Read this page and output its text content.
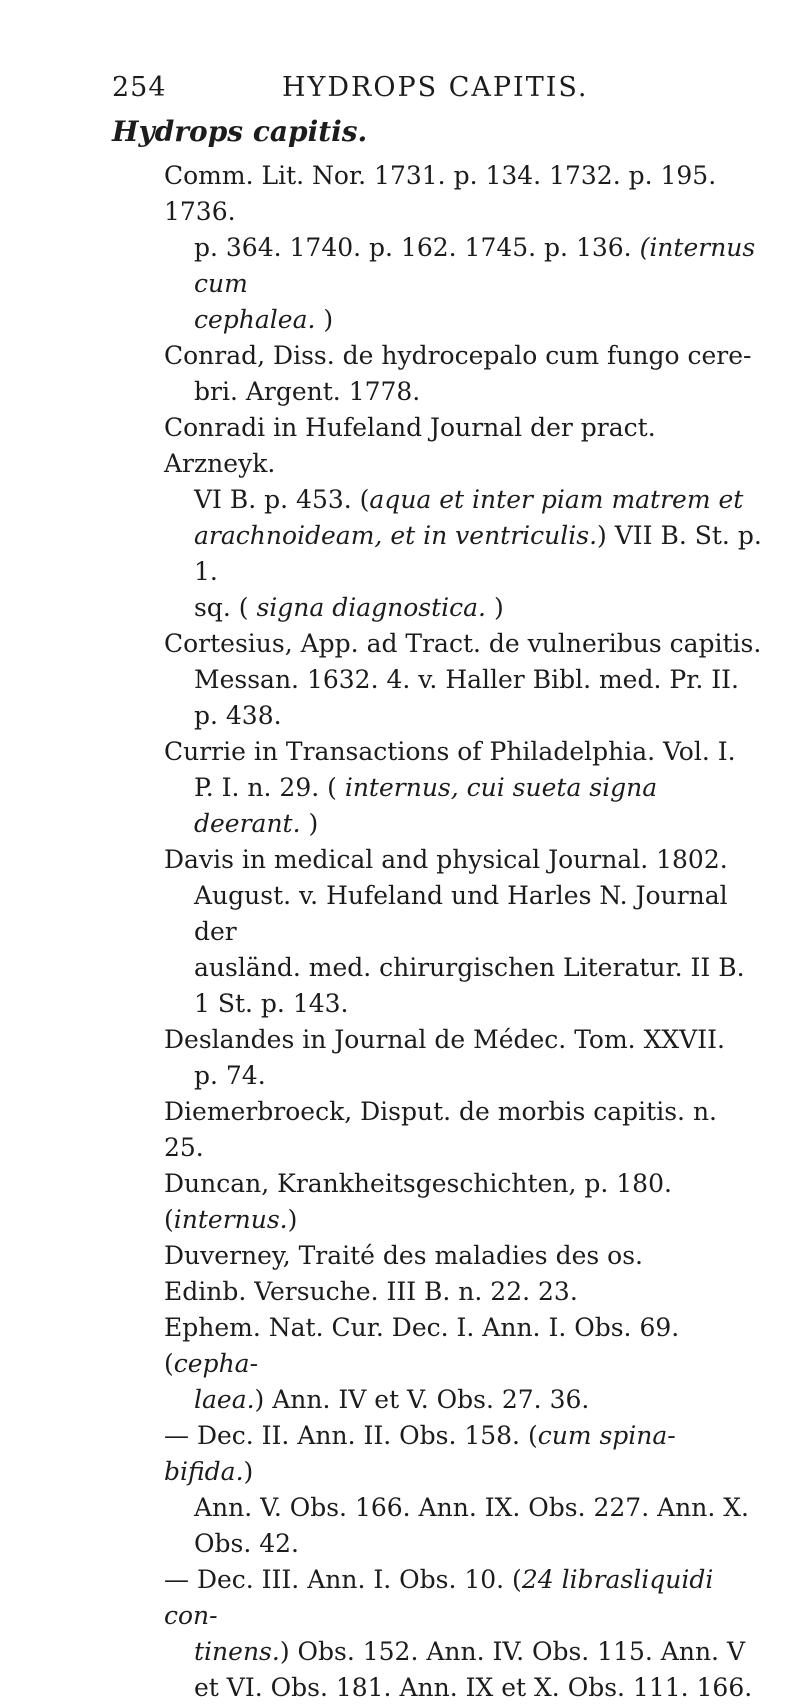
254	HYDROPS CAPITIS.
Hydrops capitis.

Comm. Lit. Nor. 1731. p. 134. 1732. p. 195. 1736.
p. 364. 1740. p. 162. 1745. p. 136. (internus cum
cephalea. )

Conrad, Diss. de hydrocepalo cum fungo cere-
bri. Argent. 1778.

Conradi in Hufeland Journal der pract. Arzneyk.
VI B. p. 453. (aqua et inter piam matrem et
arachnoideam, et in ventriculis.) VII B. St. p. 1.
sq. ( signa diagnostica. )

Cortesius, App. ad Tract. de vulneribus capitis.
Messan. 1632. 4. v. Haller Bibl. med. Pr. II.
p. 438.

Currie in Transactions of Philadelphia. Vol. I.
P. I. n. 29. ( internus, cui sueta signa deerant. )

Davis in medical and physical Journal. 1802.
August. v. Hufeland und Harles N. Journal der
ausländ. med. chirurgischen Literatur. II B.
1 St. p. 143.

Deslandes in Journal de Médec. Tom. XXVII.
p. 74.

Diemerbroeck, Disput. de morbis capitis. n. 25.

Duncan, Krankheitsgeschichten, p. 180. (internus.)

Duverney, Traité des maladies des os.

Edinb. Versuche. III B. n. 22. 23.

Ephem. Nat. Cur. Dec. I. Ann. I. Obs. 69. (cepha-
laea.) Ann. IV et V. Obs. 27. 36.

— Dec. II. Ann. II. Obs. 158. (cum spina-bifida.)
Ann. V. Obs. 166. Ann. IX. Obs. 227. Ann. X.
Obs. 42.

— Dec. III. Ann. I. Obs. 10. (24 librasliquidi con-
tinens.) Obs. 152. Ann. IV. Obs. 115. Ann. V
et VI. Obs. 181. Ann. IX et X. Obs. 111. 166.
